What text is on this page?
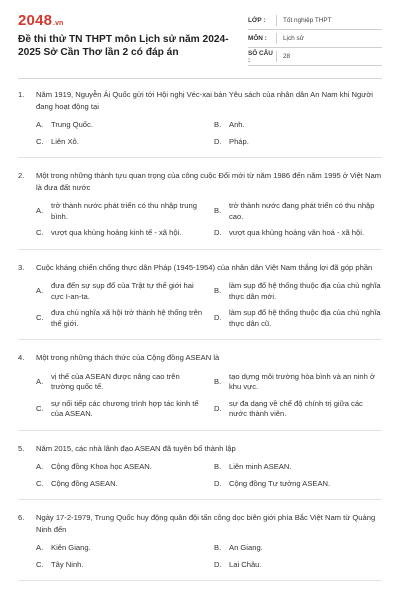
2048 .vn
Đề thi thử TN THPT môn Lịch sử năm 2024-2025 Sở Cần Thơ lần 2 có đáp án
LỚP :	Tốt nghiệp THPT
MÔN :	Lịch sử
SỐ CÂU :	28
1.	Năm 1919, Nguyễn Ái Quốc gửi tới Hội nghị Véc-xai bản Yêu sách của nhân dân An Nam khi Người đang hoạt động tại
A.	Trung Quốc.	B.	Anh.
C. Liên Xô.	D. Pháp.
2.	Một trong những thành tựu quan trọng của công cuộc Đổi mới từ năm 1986 đến năm 1995 ở Việt Nam là đưa đất nước
A.
trở thành nước phát triển có thu nhập trung bình.
B.
trở thành nước đang phát triển có thu nhập cao.
C. vượt qua khủng hoảng kinh tế - xã hội.	D. vượt qua khủng hoảng văn hoá - xã hội.
3.	Cuộc kháng chiến chống thực dân Pháp (1945-1954) của nhân dân Việt Nam thắng lợi đã góp phần
A.
đưa đến sự sụp đổ của Trật tự thế giới hai cực I-an-ta.
B.
làm sụp đổ hệ thống thuộc địa của chủ nghĩa thực dân mới.
C.
đưa chủ nghĩa xã hội trở thành hệ thống trên thế giới.
D.
làm sụp đổ hệ thống thuộc địa của chủ nghĩa thực dân cũ.
4.	Một trong những thách thức của Cộng đồng ASEAN là
A.
vị thế của ASEAN được nâng cao trên trường quốc tế.
B.
tạo dựng môi trường hòa bình và an ninh ở khu vực.
C.
sự nối tiếp các chương trình hợp tác kinh tế của ASEAN.
D.
sự đa dạng về chế độ chính trị giữa các nước thành viên.
5.	Năm 2015, các nhà lãnh đạo ASEAN đã tuyên bố thành lập
A.	Cộng đồng Khoa học ASEAN.	B.	Liên minh ASEAN.
C. Cộng đồng ASEAN.	D. Cộng đồng Tư tưởng ASEAN.
6.	Ngày 17-2-1979, Trung Quốc huy động quân đội tấn công dọc biên giới phía Bắc Việt Nam từ Quảng Ninh đến
A.	Kiên Giang.	B.	An Giang.
C. Tây Ninh.	D. Lai Châu.
